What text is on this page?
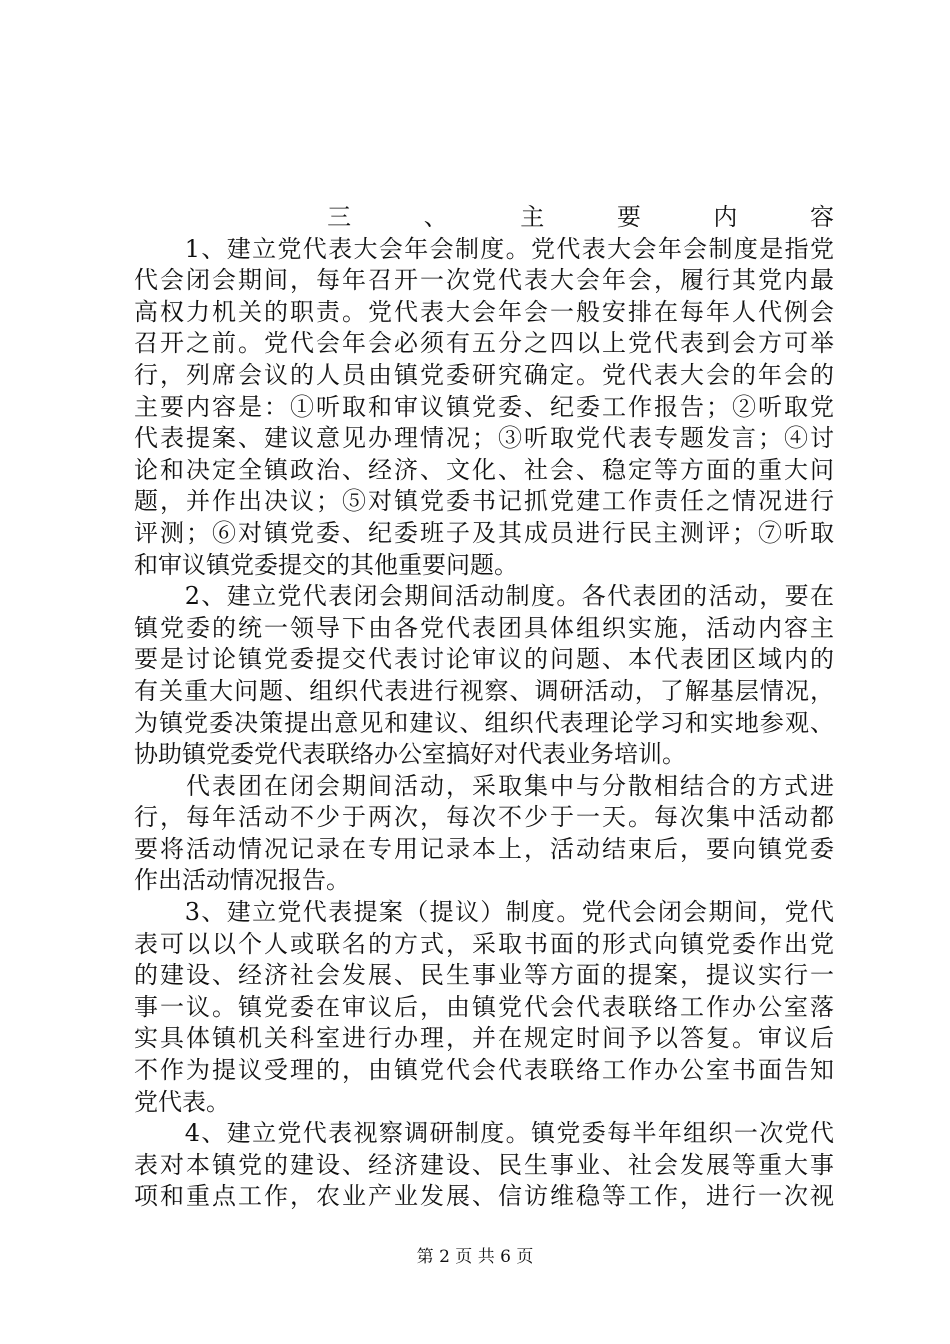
　　三、主要内容
　　1、建立党代表大会年会制度。党代表大会年会制度是指党
代会闭会期间，每年召开一次党代表大会年会，履行其党内最
高权力机关的职责。党代表大会年会一般安排在每年人代例会
召开之前。党代会年会必须有五分之四以上党代表到会方可举
行，列席会议的人员由镇党委研究确定。党代表大会的年会的
主要内容是：①听取和审议镇党委、纪委工作报告；②听取党
代表提案、建议意见办理情况；③听取党代表专题发言；④讨
论和决定全镇政治、经济、文化、社会、稳定等方面的重大问
题，并作出决议；⑤对镇党委书记抓党建工作责任之情况进行
评测；⑥对镇党委、纪委班子及其成员进行民主测评；⑦听取
和审议镇党委提交的其他重要问题。
　　2、建立党代表闭会期间活动制度。各代表团的活动，要在
镇党委的统一领导下由各党代表团具体组织实施，活动内容主
要是讨论镇党委提交代表讨论审议的问题、本代表团区域内的
有关重大问题、组织代表进行视察、调研活动，了解基层情况，
为镇党委决策提出意见和建议、组织代表理论学习和实地参观、
协助镇党委党代表联络办公室搞好对代表业务培训。
　　代表团在闭会期间活动，采取集中与分散相结合的方式进
行，每年活动不少于两次，每次不少于一天。每次集中活动都
要将活动情况记录在专用记录本上，活动结束后，要向镇党委
作出活动情况报告。
　　3、建立党代表提案（提议）制度。党代会闭会期间，党代
表可以以个人或联名的方式，采取书面的形式向镇党委作出党
的建设、经济社会发展、民生事业等方面的提案，提议实行一
事一议。镇党委在审议后，由镇党代会代表联络工作办公室落
实具体镇机关科室进行办理，并在规定时间予以答复。审议后
不作为提议受理的，由镇党代会代表联络工作办公室书面告知
党代表。
　　4、建立党代表视察调研制度。镇党委每半年组织一次党代
表对本镇党的建设、经济建设、民生事业、社会发展等重大事
项和重点工作，农业产业发展、信访维稳等工作，进行一次视
第 2 页 共 6 页
